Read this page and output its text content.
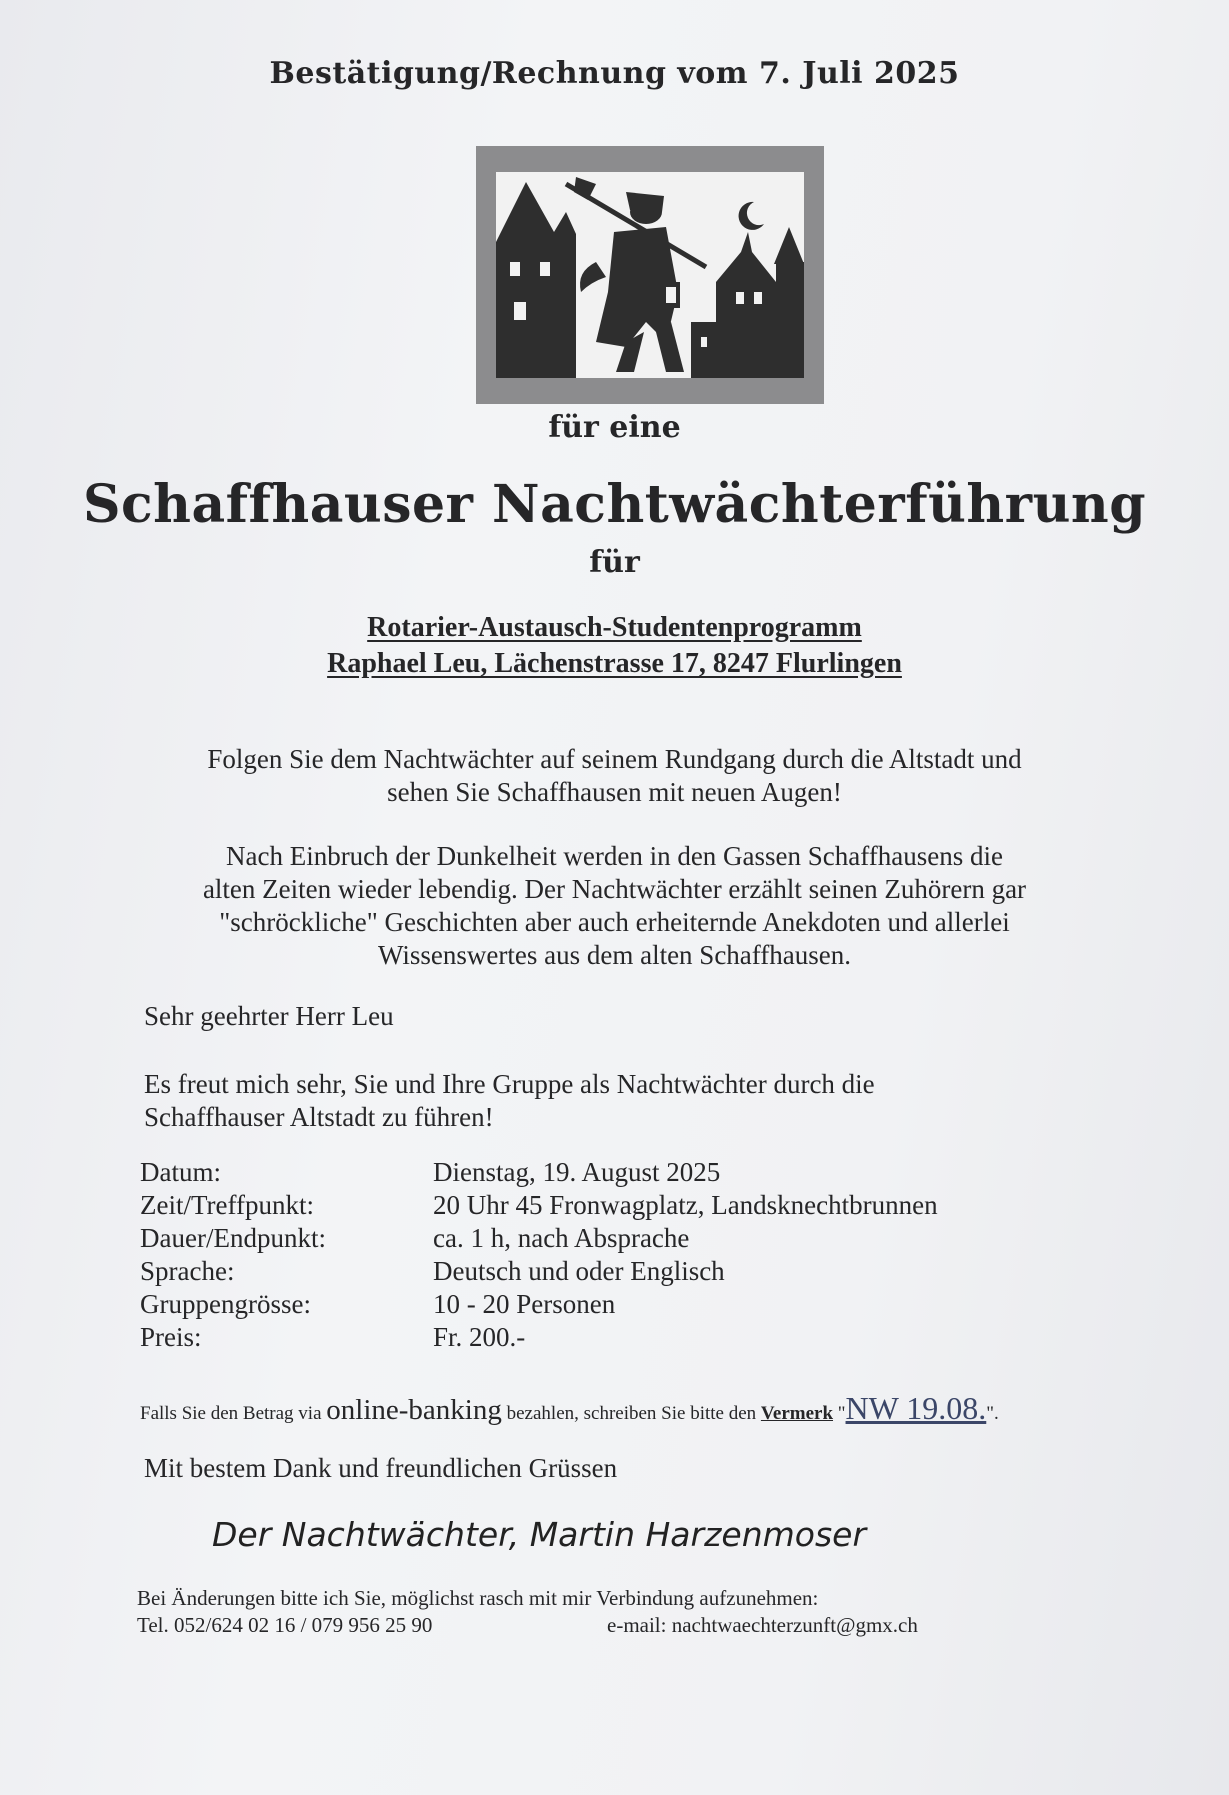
Bestätigung/Rechnung vom 7. Juli 2025
für eine
Schaffhauser Nachtwächterführung
für
Rotarier-Austausch-Studentenprogramm
Raphael Leu, Lächenstrasse 17, 8247 Flurlingen
Folgen Sie dem Nachtwächter auf seinem Rundgang durch die Altstadt und
sehen Sie Schaffhausen mit neuen Augen!
Nach Einbruch der Dunkelheit werden in den Gassen Schaffhausens die
alten Zeiten wieder lebendig. Der Nachtwächter erzählt seinen Zuhörern gar
"schröckliche" Geschichten aber auch erheiternde Anekdoten und allerlei
Wissenswertes aus dem alten Schaffhausen.
Sehr geehrter Herr Leu
Es freut mich sehr, Sie und Ihre Gruppe als Nachtwächter durch die
Schaffhauser Altstadt zu führen!
Datum:	Dienstag, 19. August 2025
Zeit/Treffpunkt:	20 Uhr 45 Fronwagplatz, Landsknechtbrunnen
Dauer/Endpunkt:	ca. 1 h, nach Absprache
Sprache:	Deutsch und oder Englisch
Gruppengrösse:	10 - 20 Personen
Preis:	Fr. 200.-
Falls Sie den Betrag via online-banking bezahlen, schreiben Sie bitte den Vermerk "NW 19.08.".
Mit bestem Dank und freundlichen Grüssen
Der Nachtwächter, Martin Harzenmoser
Bei Änderungen bitte ich Sie, möglichst rasch mit mir Verbindung aufzunehmen:
Tel. 052/624 02 16 / 079 956 25 90	e-mail: nachtwaechterzunft@gmx.ch
